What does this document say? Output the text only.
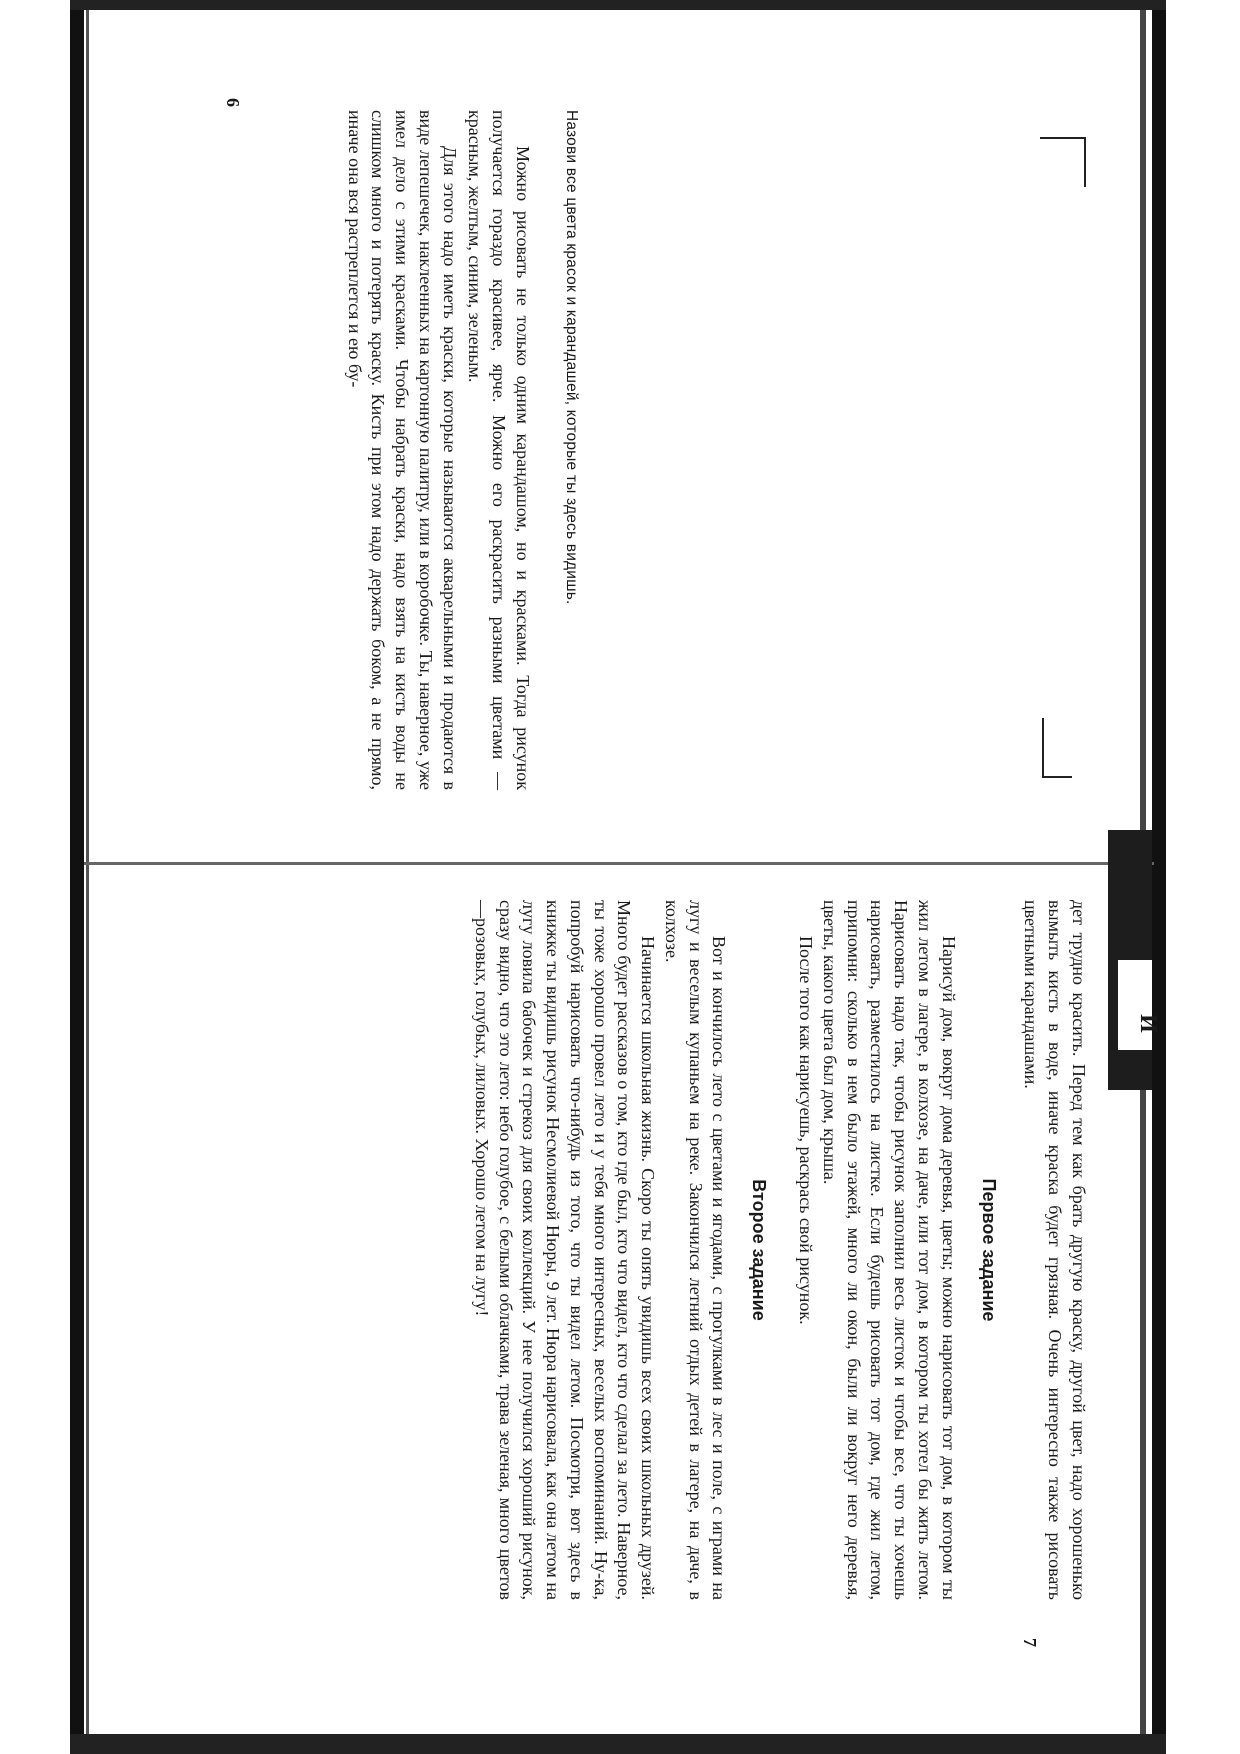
И
Назови все цвета красок и карандашей, которые ты здесь видишь.

Можно рисовать не только одним карандашом, но и красками. Тогда рисунок получается гораздо красивее, ярче. Можно его раскрасить разными цветами — красным, желтым, синим, зеленым.

Для этого надо иметь краски, которые называются акварельными и продаются в виде лепешечек, наклеенных на картонную палитру, или в коробочке. Ты, наверное, уже имел дело с этими красками. Чтобы набрать краски, надо взять на кисть воды не слишком много и потерять краску. Кисть при этом надо держать боком, а не прямо, иначе она вся растреплется и ею бу-

6

дет трудно красить. Перед тем как брать другую краску, другой цвет, надо хорошенько вымыть кисть в воде, иначе краска будет грязная. Очень интересно также рисовать цветными карандашами.

Первое задание

Нарисуй дом, вокруг дома деревья, цветы; можно нарисовать тот дом, в котором ты жил летом в лагере, в колхозе, на даче, или тот дом, в котором ты хотел бы жить летом. Нарисовать надо так, чтобы рисунок заполнил весь листок и чтобы все, что ты хочешь нарисовать, разместилось на листке. Если будешь рисовать тот дом, где жил летом, припомни: сколько в нем было этажей, много ли окон, были ли вокруг него деревья, цветы, какого цвета был дом, крыша.

После того как нарисуешь, раскрась свой рисунок.

Второе задание

Вот и кончилось лето с цветами и ягодами, с прогулками в лес и поле, с играми на лугу и веселым купаньем на реке. Закончился летний отдых детей в лагере, на даче, в колхозе.

Начинается школьная жизнь. Скоро ты опять увидишь всех своих школьных друзей. Много будет рассказов о том, кто где был, кто что видел, кто что сделал за лето. Наверное, ты тоже хорошо провел лето и у тебя много интересных, веселых воспоминаний. Ну-ка, попробуй нарисовать что-нибудь из того, что ты видел летом. Посмотри, вот здесь в книжке ты видишь рисунок Несмолиевой Нюры, 9 лет. Нюра нарисовала, как она летом на лугу ловила бабочек и стрекоз для своих коллекций. У нее получился хороший рисунок, сразу видно, что это лето: небо голубое, с белыми облачками, трава зеленая, много цветов—розовых, голубых, лиловых. Хорошо летом на лугу!

7
